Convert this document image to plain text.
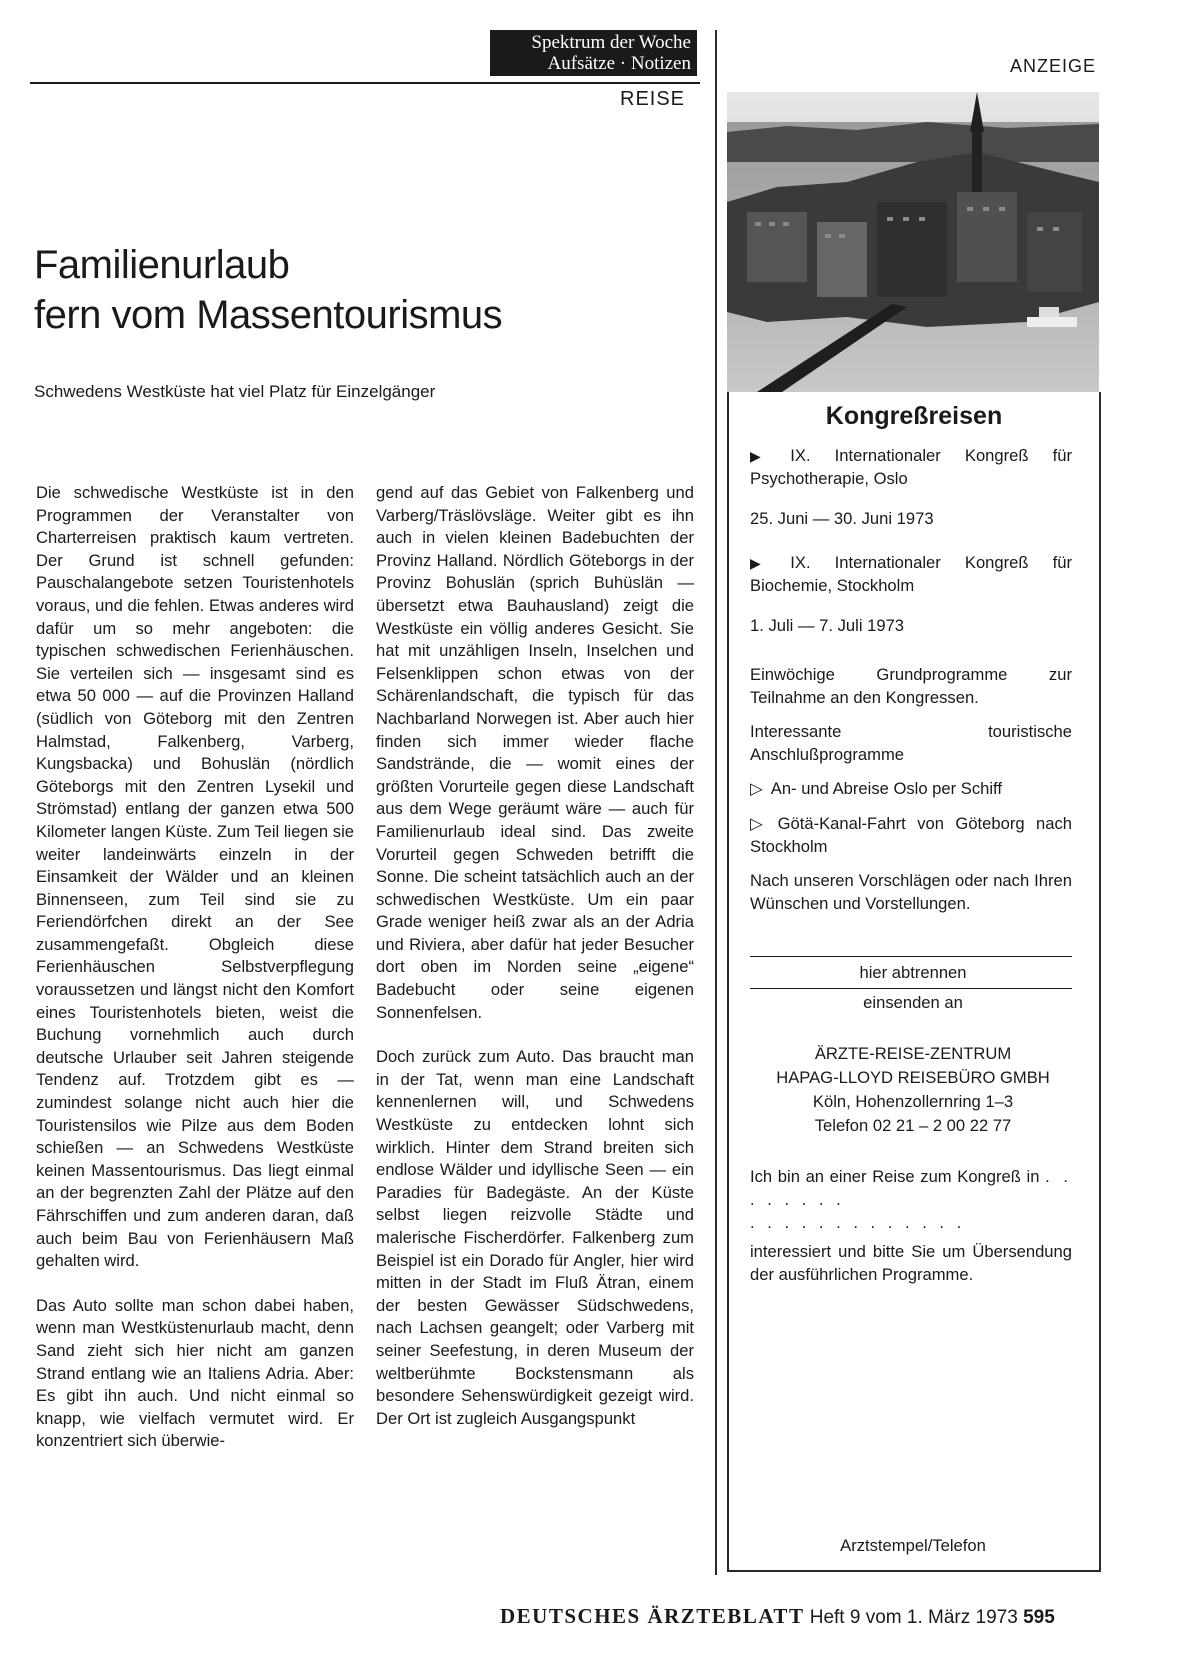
Spektrum der Woche
Aufsätze · Notizen
REISE
Familienurlaub
fern vom Massentourismus
Schwedens Westküste hat viel Platz für Einzelgänger

Die schwedische Westküste ist in den Programmen der Veranstalter von Charterreisen praktisch kaum vertreten. Der Grund ist schnell gefunden: Pauschalangebote setzen Touristenhotels voraus, und die fehlen. Etwas anderes wird dafür um so mehr angeboten: die typischen schwedischen Ferienhäuschen. Sie verteilen sich — insgesamt sind es etwa 50 000 — auf die Provinzen Halland (südlich von Göteborg mit den Zentren Halmstad, Falkenberg, Varberg, Kungsbacka) und Bohuslän (nördlich Göteborgs mit den Zentren Lysekil und Strömstad) entlang der ganzen etwa 500 Kilometer langen Küste. Zum Teil liegen sie weiter landeinwärts einzeln in der Einsamkeit der Wälder und an kleinen Binnenseen, zum Teil sind sie zu Feriendörfchen direkt an der See zusammengefaßt. Obgleich diese Ferienhäuschen Selbstverpflegung voraussetzen und längst nicht den Komfort eines Touristenhotels bieten, weist die Buchung vornehmlich auch durch deutsche Urlauber seit Jahren steigende Tendenz auf. Trotzdem gibt es — zumindest solange nicht auch hier die Touristensilos wie Pilze aus dem Boden schießen — an Schwedens Westküste keinen Massentourismus. Das liegt einmal an der begrenzten Zahl der Plätze auf den Fährschiffen und zum anderen daran, daß auch beim Bau von Ferienhäusern Maß gehalten wird.

Das Auto sollte man schon dabei haben, wenn man Westküstenurlaub macht, denn Sand zieht sich hier nicht am ganzen Strand entlang wie an Italiens Adria. Aber: Es gibt ihn auch. Und nicht einmal so knapp, wie vielfach vermutet wird. Er konzentriert sich überwie-

gend auf das Gebiet von Falkenberg und Varberg/Träslövsläge. Weiter gibt es ihn auch in vielen kleinen Badebuchten der Provinz Halland. Nördlich Göteborgs in der Provinz Bohuslän (sprich Buhüslän — übersetzt etwa Bauhausland) zeigt die Westküste ein völlig anderes Gesicht. Sie hat mit unzähligen Inseln, Inselchen und Felsenklippen schon etwas von der Schärenlandschaft, die typisch für das Nachbarland Norwegen ist. Aber auch hier finden sich immer wieder flache Sandstrände, die — womit eines der größten Vorurteile gegen diese Landschaft aus dem Wege geräumt wäre — auch für Familienurlaub ideal sind. Das zweite Vorurteil gegen Schweden betrifft die Sonne. Die scheint tatsächlich auch an der schwedischen Westküste. Um ein paar Grade weniger heiß zwar als an der Adria und Riviera, aber dafür hat jeder Besucher dort oben im Norden seine „eigene“ Badebucht oder seine eigenen Sonnenfelsen.

Doch zurück zum Auto. Das braucht man in der Tat, wenn man eine Landschaft kennenlernen will, und Schwedens Westküste zu entdecken lohnt sich wirklich. Hinter dem Strand breiten sich endlose Wälder und idyllische Seen — ein Paradies für Badegäste. An der Küste selbst liegen reizvolle Städte und malerische Fischerdörfer. Falkenberg zum Beispiel ist ein Dorado für Angler, hier wird mitten in der Stadt im Fluß Ätran, einem der besten Gewässer Südschwedens, nach Lachsen geangelt; oder Varberg mit seiner Seefestung, in deren Museum der weltberühmte Bockstensmann als besondere Sehenswürdigkeit gezeigt wird. Der Ort ist zugleich Ausgangspunkt

ANZEIGE
Kongreßreisen
▶ IX. Internationaler Kongreß für Psychotherapie, Oslo
25. Juni — 30. Juni 1973
▶ IX. Internationaler Kongreß für Biochemie, Stockholm
1. Juli — 7. Juli 1973
Einwöchige Grundprogramme zur Teilnahme an den Kongressen.
Interessante touristische Anschlußprogramme
▷ An- und Abreise Oslo per Schiff
▷ Götä-Kanal-Fahrt von Göteborg nach Stockholm
Nach unseren Vorschlägen oder nach Ihren Wünschen und Vorstellungen.
hier abtrennen
einsenden an
ÄRZTE-REISE-ZENTRUM
HAPAG-LLOYD REISEBÜRO GMBH
Köln, Hohenzollernring 1–3
Telefon 02 21 – 2 00 22 77
Ich bin an einer Reise zum Kongreß in . . . . . . . .
. . . . . . . . . . . . .
interessiert und bitte Sie um Übersendung der ausführlichen Programme.
Arztstempel/Telefon
DEUTSCHES ÄRZTEBLATT Heft 9 vom 1. März 1973 595
